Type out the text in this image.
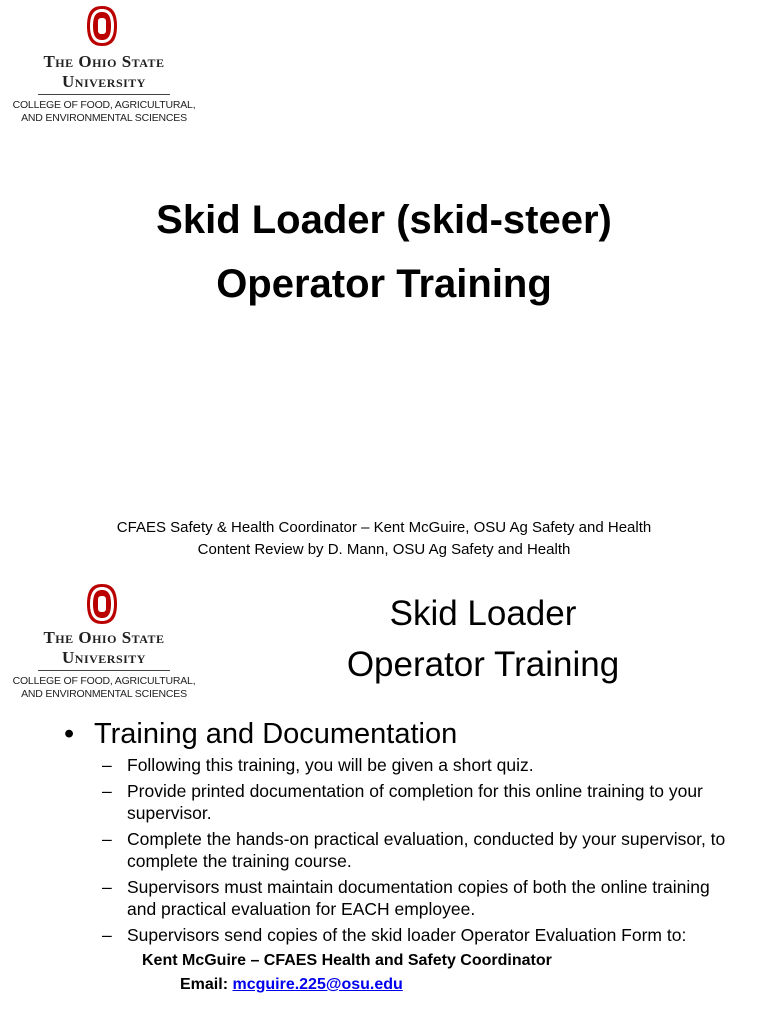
The Ohio State
University
COLLEGE OF FOOD, AGRICULTURAL,
AND ENVIRONMENTAL SCIENCES
Skid Loader (skid-steer)
Operator Training
CFAES Safety & Health Coordinator – Kent McGuire, OSU Ag Safety and Health
Content Review by D. Mann, OSU Ag Safety and Health
The Ohio State
University
COLLEGE OF FOOD, AGRICULTURAL,
AND ENVIRONMENTAL SCIENCES
Skid Loader
Operator Training
• Training and Documentation
– Following this training, you will be given a short quiz.
– Provide printed documentation of completion for this online training to your supervisor.
– Complete the hands-on practical evaluation, conducted by your supervisor, to complete the training course.
– Supervisors must maintain documentation copies of both the online training and practical evaluation for EACH employee.
– Supervisors send copies of the skid loader Operator Evaluation Form to:
Kent McGuire – CFAES Health and Safety Coordinator
Email: mcguire.225@osu.edu
